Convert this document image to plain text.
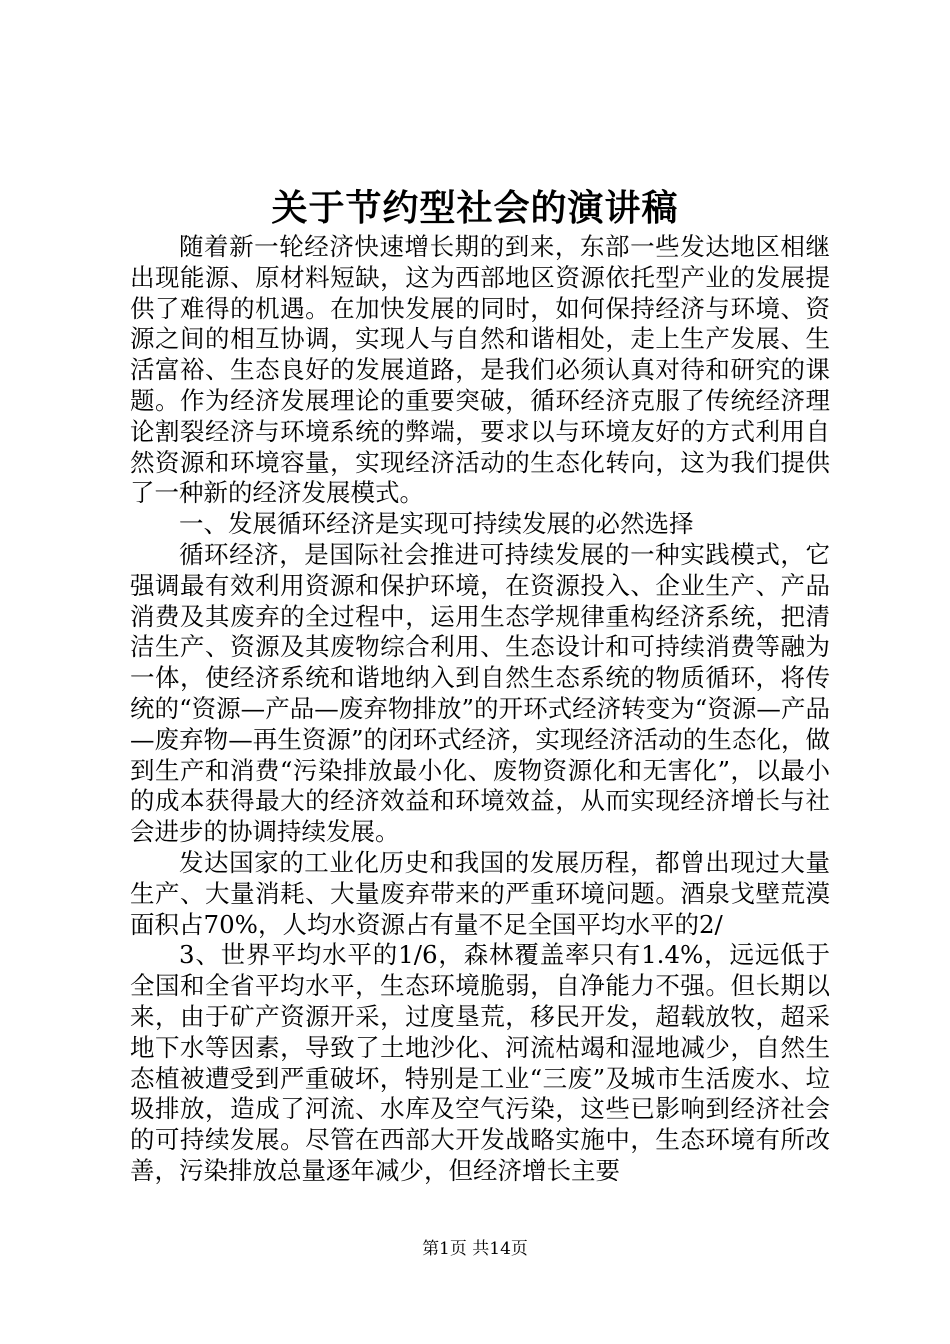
关于节约型社会的演讲稿

随着新一轮经济快速增长期的到来，东部一些发达地区相继出现能源、原材料短缺，这为西部地区资源依托型产业的发展提供了难得的机遇。在加快发展的同时，如何保持经济与环境、资源之间的相互协调，实现人与自然和谐相处，走上生产发展、生活富裕、生态良好的发展道路，是我们必须认真对待和研究的课题。作为经济发展理论的重要突破，循环经济克服了传统经济理论割裂经济与环境系统的弊端，要求以与环境友好的方式利用自然资源和环境容量，实现经济活动的生态化转向，这为我们提供了一种新的经济发展模式。

一、发展循环经济是实现可持续发展的必然选择

循环经济，是国际社会推进可持续发展的一种实践模式，它强调最有效利用资源和保护环境，在资源投入、企业生产、产品消费及其废弃的全过程中，运用生态学规律重构经济系统，把清洁生产、资源及其废物综合利用、生态设计和可持续消费等融为一体，使经济系统和谐地纳入到自然生态系统的物质循环，将传统的“资源—产品—废弃物排放”的开环式经济转变为“资源—产品—废弃物—再生资源”的闭环式经济，实现经济活动的生态化，做到生产和消费“污染排放最小化、废物资源化和无害化”，以最小的成本获得最大的经济效益和环境效益，从而实现经济增长与社会进步的协调持续发展。

发达国家的工业化历史和我国的发展历程，都曾出现过大量生产、大量消耗、大量废弃带来的严重环境问题。酒泉戈壁荒漠面积占70%，人均水资源占有量不足全国平均水平的2/

3、世界平均水平的1/6，森林覆盖率只有1.4%，远远低于全国和全省平均水平，生态环境脆弱，自净能力不强。但长期以来，由于矿产资源开采，过度垦荒，移民开发，超载放牧，超采地下水等因素，导致了土地沙化、河流枯竭和湿地减少，自然生态植被遭受到严重破坏，特别是工业“三废”及城市生活废水、垃圾排放，造成了河流、水库及空气污染，这些已影响到经济社会的可持续发展。尽管在西部大开发战略实施中，生态环境有所改善，污染排放总量逐年减少，但经济增长主要

第1页 共14页
